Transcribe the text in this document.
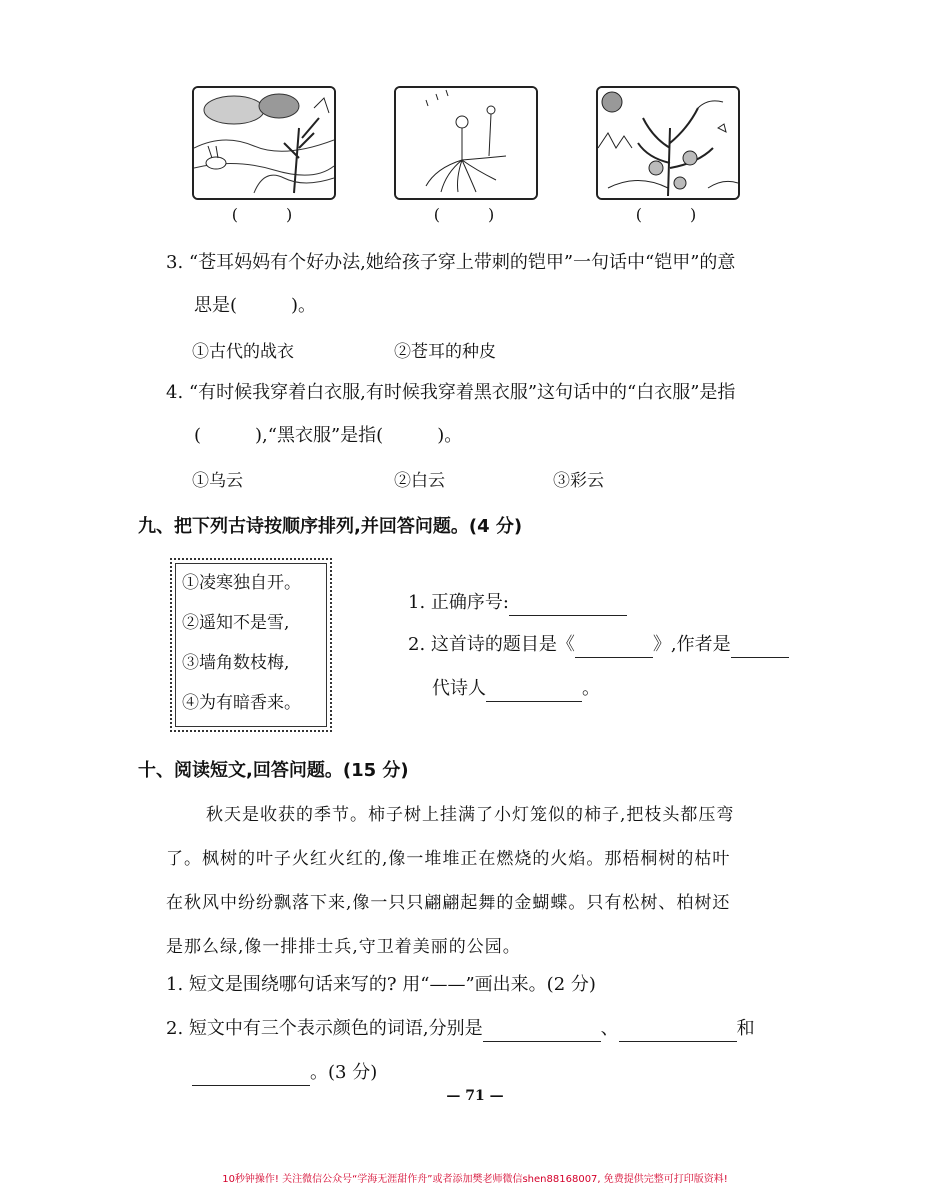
(　　　)	(　　　)	(　　　)
3. “苍耳妈妈有个好办法,她给孩子穿上带刺的铠甲”一句话中“铠甲”的意
思是(　　　)。
①古代的战衣	②苍耳的种皮
4. “有时候我穿着白衣服,有时候我穿着黑衣服”这句话中的“白衣服”是指
(　　　),“黑衣服”是指(　　　)。
①乌云	②白云	③彩云
九、把下列古诗按顺序排列,并回答问题。(4 分)
①凌寒独自开。
②遥知不是雪,
③墙角数枝梅,
④为有暗香来。
1. 正确序号:
2. 这首诗的题目是《	》,作者是
代诗人	。
十、阅读短文,回答问题。(15 分)
秋天是收获的季节。柿子树上挂满了小灯笼似的柿子,把枝头都压弯
了。枫树的叶子火红火红的,像一堆堆正在燃烧的火焰。那梧桐树的枯叶
在秋风中纷纷飘落下来,像一只只翩翩起舞的金蝴蝶。只有松树、柏树还
是那么绿,像一排排士兵,守卫着美丽的公园。
1. 短文是围绕哪句话来写的? 用“——”画出来。(2 分)
2. 短文中有三个表示颜色的词语,分别是	、	和
。(3 分)
— 71 —
10秒钟操作! 关注微信公众号“学海无涯甜作舟”或者添加樊老师微信shen88168007, 免费提供完整可打印版资料!
